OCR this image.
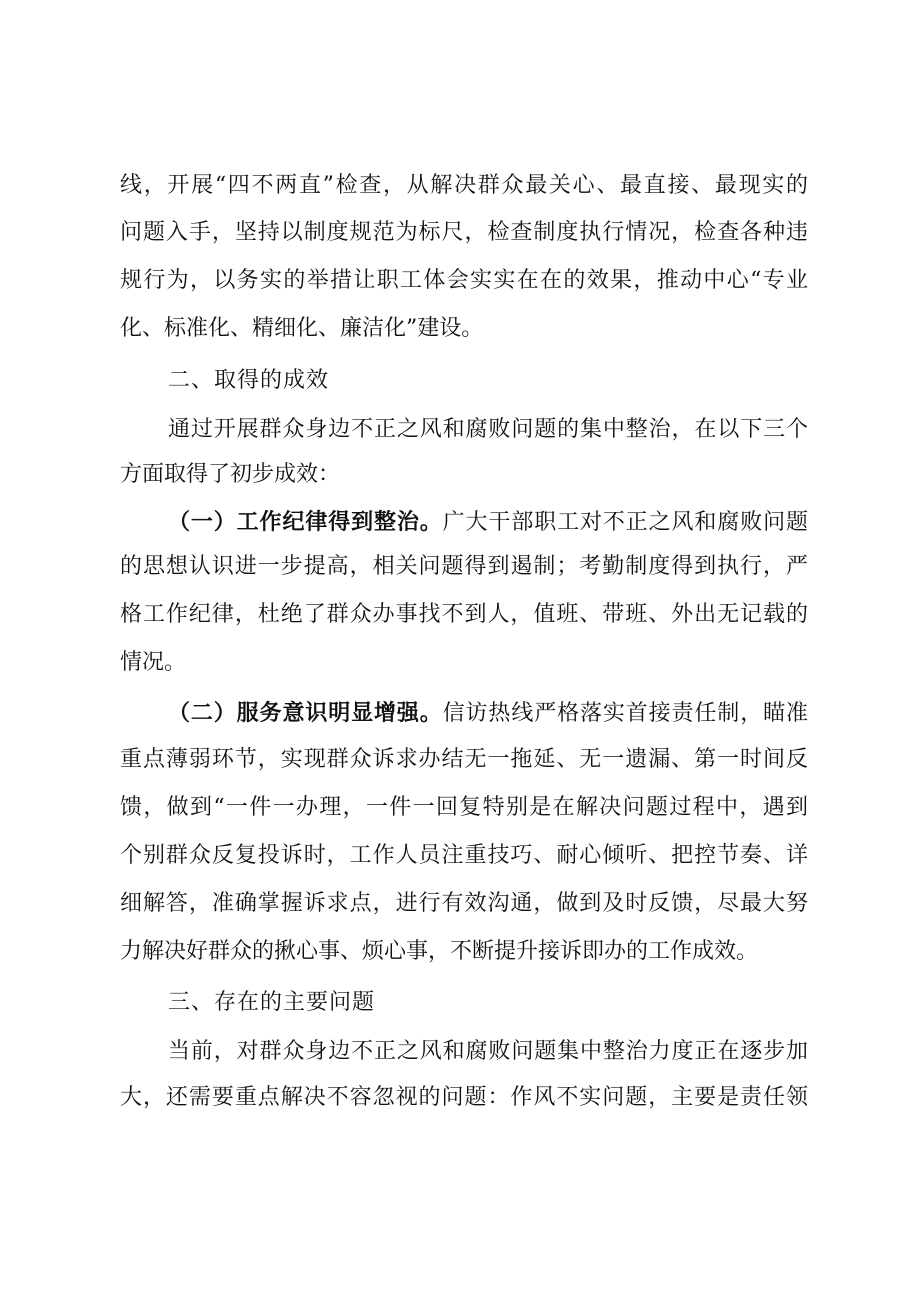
线，开展“四不两直”检查，从解决群众最关心、最直接、最现实的
问题入手，坚持以制度规范为标尺，检查制度执行情况，检查各种违
规行为，以务实的举措让职工体会实实在在的效果，推动中心“专业
化、标准化、精细化、廉洁化”建设。
二、取得的成效
通过开展群众身边不正之风和腐败问题的集中整治，在以下三个
方面取得了初步成效：
（一）工作纪律得到整治。广大干部职工对不正之风和腐败问题
的思想认识进一步提高，相关问题得到遏制；考勤制度得到执行，严
格工作纪律，杜绝了群众办事找不到人，值班、带班、外出无记载的
情况。
（二）服务意识明显增强。信访热线严格落实首接责任制，瞄准
重点薄弱环节，实现群众诉求办结无一拖延、无一遗漏、第一时间反
馈，做到“一件一办理，一件一回复特别是在解决问题过程中，遇到
个别群众反复投诉时，工作人员注重技巧、耐心倾听、把控节奏、详
细解答，准确掌握诉求点，进行有效沟通，做到及时反馈，尽最大努
力解决好群众的揪心事、烦心事，不断提升接诉即办的工作成效。
三、存在的主要问题
当前，对群众身边不正之风和腐败问题集中整治力度正在逐步加
大，还需要重点解决不容忽视的问题：作风不实问题，主要是责任领
